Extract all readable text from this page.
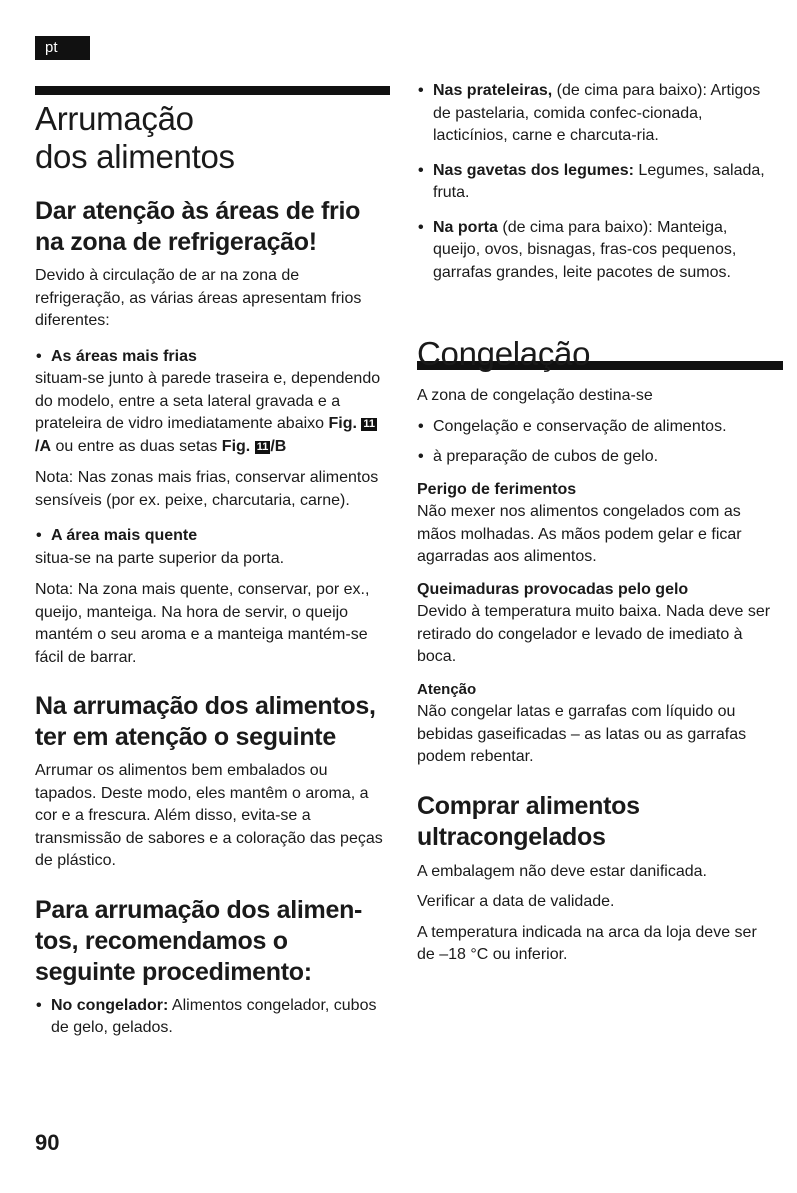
pt
Arrumação
dos alimentos
Dar atenção às áreas de frio na zona de refrigeração!

Devido à circulação de ar na zona de refrigeração, as várias áreas apresentam frios diferentes:

• As áreas mais frias

situam-se junto à parede traseira e, dependendo do modelo, entre a seta lateral gravada e a prateleira de vidro imediatamente abaixo Fig. 11/A ou entre as duas setas Fig. 11 /B

Nota: Nas zonas mais frias, conservar alimentos sensíveis (por ex. peixe, charcutaria, carne).

• A área mais quente

situa-se na parte superior da porta.

Nota: Na zona mais quente, conservar, por ex., queijo, manteiga. Na hora de servir, o queijo mantém o seu aroma e a manteiga mantém-se fácil de barrar.

Na arrumação dos alimentos, ter em atenção o seguinte

Arrumar os alimentos bem embalados ou tapados. Deste modo, eles mantêm o aroma, a cor e a frescura. Além disso, evita-se a transmissão de sabores e a coloração das peças de plástico.

Para arrumação dos alimen-tos, recomendamos o seguinte procedimento:

• No congelador: Alimentos congelador, cubos de gelo, gelados.

• Nas prateleiras, (de cima para baixo): Artigos de pastelaria, comida confec-cionada, lacticínios, carne e charcuta-ria.

• Nas gavetas dos legumes: Legumes, salada, fruta.

• Na porta (de cima para baixo): Manteiga, queijo, ovos, bisnagas, fras-cos pequenos, garrafas grandes, leite pacotes de sumos.

Congelação

A zona de congelação destina-se

• Congelação e conservação de alimentos.

• à preparação de cubos de gelo.

Perigo de ferimentos

Não mexer nos alimentos congelados com as mãos molhadas. As mãos podem gelar e ficar agarradas aos alimentos.

Queimaduras provocadas pelo gelo

Devido à temperatura muito baixa. Nada deve ser retirado do congelador e levado de imediato à boca.

Atenção

Não congelar latas e garrafas com líquido ou bebidas gaseificadas – as latas ou as garrafas podem rebentar.

Comprar alimentos ultracongelados

A embalagem não deve estar danificada.

Verificar a data de validade.

A temperatura indicada na arca da loja deve ser de –18 °C ou inferior.

90
